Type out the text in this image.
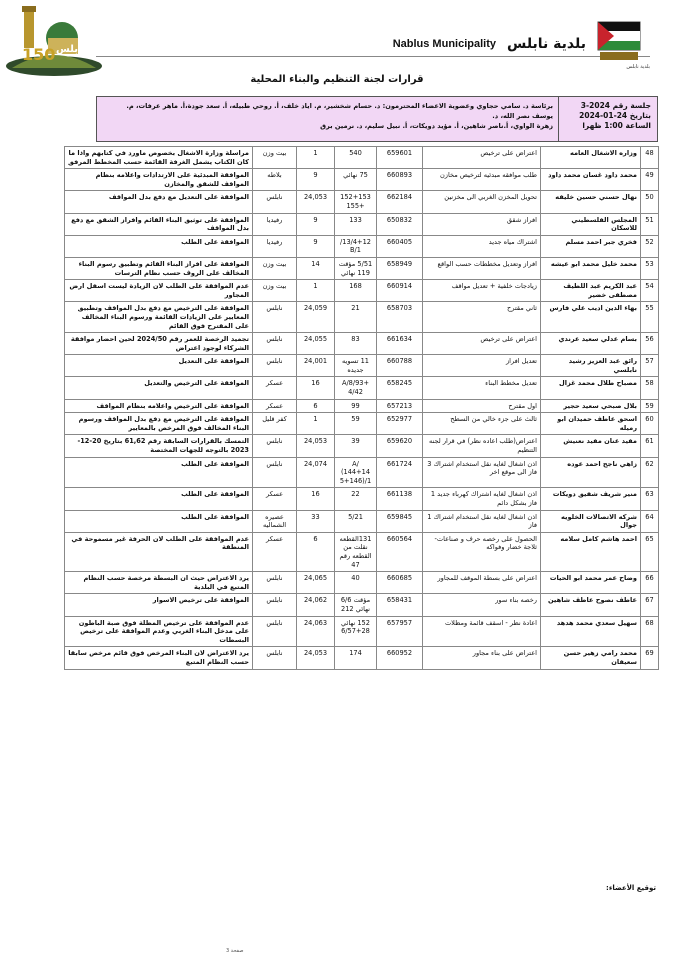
150 نابلس	Nablus Municipality بلدية نابلس
بلدية نابلس
قرارات لجنة التنظيم والبناء المحلية
جلسة رقم 2024-3
بتاريخ 24-01-2024
الساعة 1:00 ظهرا
برئاسة د. سامي حجاوي وعضوية الاعضاء المحترمون: د. حسام شخشير، م. اياد خلف، أ. روحي طبيله، أ. سعد جودة،أ. ماهر عرفات، م. يوسف نصر الله، د.
زهرة الواوي، أ.ناصر شاهين، أ. مؤيد دويكات، أ. نبيل سليم، د. نرمين برق
48	وزاره الاشغال العامه	اعتراض على ترخيص	659601	540	1	بيت وزن	مراسلة وزارة الاشغال بخصوص ماورد في كتابهم واذا ما كان الكتاب يشمل الغرفة القائمة حسب المخطط المرفق
49	محمد داود غسان محمد داود	طلب موافقه مبدئيه لترخيص مخازن	660893	75 نهائي	9	بلاطه	الموافقة المبدئية على الارتدادات واعلامه بنظام المواقف للشقق والمخازن
50	نهال حسني حسين خليفه	تحويل المخزن الغربي الى مخزنين	662184	152+153 +155	24,053	نابلس	الموافقة على التعديل مع دفع بدل المواقف
51	المجلس الفلسطيني للاسكان	افراز شقق	650832	133	9	رفيديا	الموافقة على توثيق البناء القائم وافراز الشقق مع دفع بدل المواقف
52	فخري جبر احمد مسلم	اشتراك مياه جديد	660405	13/4+12/ B/1	9	رفيديا	الموافقة على الطلب
53	محمد خليل محمد ابو عيشه	افراز وتعديل مخططات حسب الواقع	658949	5/51 مؤقت 119 نهائي	14	بيت وزن	الموافقة على افراز البناء القائم وتطبيق رسوم البناء المخالف على الروف حسب نظام الترسات
54	عبد الكريم عبد اللطيف مصطفى خضير	زيادجات خلفية + تعديل مواقف	660914	168	1	بيت وزن	عدم الموافقة على الطلب لان الزيادة ليست اسفل ارض المجاور
55	بهاء الدين اديب علي فارس	ثاني مقترح	658703	21	24,059	نابلس	الموافقة على الترخيص مع دفع بدل المواقف وتطبيق المعايير على الزيادات القائمة ورسوم البناء المخالف على المقترح فوق القائم
56	بسام عدلي سعيد عرندي	اعتراض على ترخيص	661634	83	24,055	نابلس	تجميد الرخصة للعمر رقم 2024/50 لحين احضار موافقة الشركاء لوجود اعتراض
57	رائق عبد العزيز رشيد نابلسي	تعديل افراز	660788	11 تسويه جديده	24,001	نابلس	الموافقة على التعديل
58	مصباح طلال محمد غزال	تعديل مخطط البناء	658245	A/8/93+ 4/42	16	عسكر	الموافقة على الترخيص والتعديل
59	بلال صبحي سعيد حجير	اول مقترح	657213	99	6	عسكر	الموافقة على الترخيص واعلامه بنظام المواقف
60	اسحق عاطف حمیدان ابو رميله	ثالث على جزء خالي من السطح	652977	59	1	كفر قليل	الموافقة على الترخيص مع دفع بدل المواقف ورسوم البناء المخالف فوق المرخص بالمعايير
61	مفيد عنان مفيد نعنيش	اعتراض(طلب اعاده نظر) في قرار لجنه التنظيم	659620	39	24,053	نابلس	التمسك بالقرارات السابقة رقم 61,62 بتاريخ 20-12-2023 بالتوجه للجهات المختصة
62	زاهي ناجح احمد عوده	اذن اشغال لغايه نقل استخدام اشتراك 3 فاز الى موقع اخر	661724	A/ (144+14 5+146)/1	24,074	نابلس	الموافقة على الطلب
63	منير شريف شفيق دويكات	اذن اشغال لغايه اشتراك كهرباء جديد 1 فاز بشكل دائم	661138	22	16	عسكر	الموافقة على الطلب
64	شركه الاتصالات الخلويه جوال	اذن اشغال لغايه نقل استخدام اشتراك 1 فاز	659845	5/21	33	عصيره الشماليه	الموافقة على الطلب
65	احمد هاشم كامل سلامه	الحصول على رخصه حرف و صناعات- ثلاجة خضار وفواكه	660564	131القطعه نقلت من القطعه رقم 47	6	عسكر	عدم الموافقة على الطلب لان الحرفة غير مسموحة في المنطقة
66	وضاح عمر محمد ابو الحيات	اعتراض على بسطة الموقف للمجاور	660685	40	24,065	نابلس	يرد الاعتراض حيث ان البسطة مرخصة حسب النظام المتبع في البلدية
67	عاطف نصوح عاطف شاهين	رخصه بناء سور	658431	مؤقت 6/6 نهائي 212	24,062	نابلس	الموافقة على ترخيص الاسوار
68	سهيل سعدي محمد هدهد	اعادة نظر - اسقف قائمة ومظلات	657957	152 نهائي 28+6/57	24,063	نابلس	عدم الموافقة على ترخيص المظلة فوق صبة الباطون على مدخل البناء الغربي وعدم الموافقة على ترخيص البسطات
69	محمد رامي زهير حسن سعيفان	اعتراض على بناء مجاور	660952	174	24,053	نابلس	يرد الاعتراض لان البناء المرخص فوق قائم مرخص سابقا حسب النظام المتبع
توقيع الأعضاء:
صفحة 3
